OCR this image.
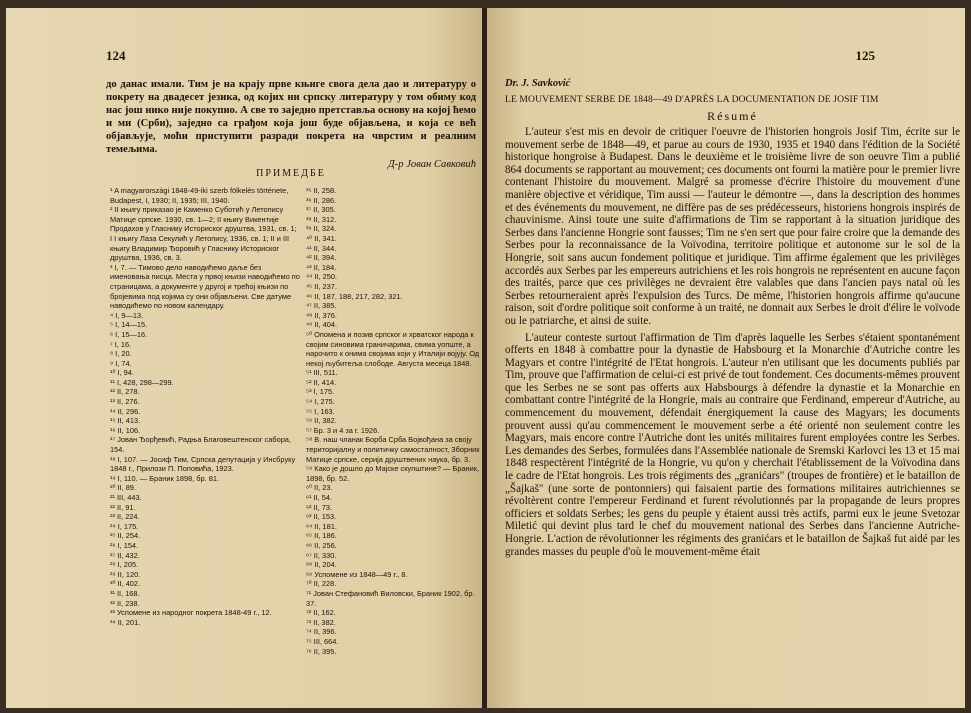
124
до данас имали. Тим је на крају прве књиге свога дела дао и литературу о покрету на двадесет језика, од којих ни српску литературу у том обиму код нас још нико није покупио. А све то заједно претставља основу на којој ћемо и ми (Срби), заједно са грађом која још буде објављена, и која се већ објављује, моћи приступити разради покрета на чврстим и реалним темељима.
Д-р Јован Савковић
ПРИМЕДБЕ
¹ A magyarországi 1848-49-iki szerb fölkelés története, Budapest, I, 1930; II, 1935; III, 1940.
² II књигу приказао је Каменко Суботић у Летопису Матице српске. 1930, св. 1—2; II књигу Викентије Продахов у Гласнику Историског друштва, 1931, св. 1; I I књигу Лаза Секулић у Летопису, 1936, св. 1; II и III књигу Владимир Ђоровић у Гласнику Историског друштва, 1936, св. 3.
³ I, 7. — Тимово дело наводићемо даље без именовања писца. Места у првој књизи наводићемо по страницама, а документе у другој и трећој књизи по бројевима под којима су они објављени. Све датуме наводићемо по новом календару.
⁴ I, 9—13.
⁵ I, 14—15.
⁶ I, 15—16.
⁷ I, 16.
⁸ I, 20.
⁹ I, 74.
¹⁰ I, 94.
¹¹ I, 428, 298—299.
¹² II, 278.
¹³ II, 276.
¹⁴ II, 296.
¹⁵ II, 413.
¹⁶ II, 106.
¹⁷ Јован Ђорђевић, Радња Благовештенског сабора, 154.
¹⁸ I, 107. — Јосиф Тим, Српска депутација у Инсбруку 1848 г., Прилози П. Поповића, 1923.
¹⁹ I, 110. — Браник 1898, бр. 81.
²⁰ II, 89.
²¹ III, 443.
²² II, 91.
²³ II, 224.
²⁴ I, 175.
²⁵ II, 254.
²⁶ I, 154.
²⁷ II, 432.
²⁸ I, 205.
²⁹ II, 120.
³⁰ II, 402.
³¹ II, 168.
³² II, 238.
³³ Успомене из народног покрета 1848-49 г., 12.
³⁴ II, 201.
³⁵ II, 258.
³⁶ II, 286.
³⁷ II, 305.
³⁸ II, 312.
³⁹ II, 324.
⁴⁰ II, 341.
⁴¹ II, 344.
⁴² II, 394.
⁴³ II, 184.
⁴⁴ II, 250.
⁴⁵ II, 237.
⁴⁶ II, 187, 188, 217, 282, 321.
⁴⁷ II, 385.
⁴⁸ II, 376.
⁴⁹ II, 404.
⁵⁰ Опомена и позив српског и хрватског народа к својим синовима граничарима, свима уопште, а нарочито к онима својима који у Италији војују. Од некој љубитеља слободе. Августа месеца 1848.
⁵¹ III, 511.
⁵² II, 414.
⁵³ I, 175.
⁵⁴ I, 275.
⁵⁵ I, 163.
⁵⁶ II, 382.
⁵⁷ Бр. 3 и 4 за г. 1926.
⁵⁸ В. наш чланак Борба Срба Војвођана за своју територијалну и политичку самосталност, Зборник Матице српске, серија друштвених наука, бр. 3.
⁵⁹ Како је дошло до Мајске скупштине? — Браник, 1898, бр. 52.
⁶⁰ II, 23.
⁶¹ II, 54.
⁶² II, 73.
⁶³ II, 153.
⁶⁴ II, 181.
⁶⁵ II, 186.
⁶⁶ II, 256.
⁶⁷ II, 330.
⁶⁸ II, 204.
⁶⁹ Успомене из 1848—49 г., 8.
⁷⁰ II, 228.
⁷¹ Јован Стефановић Виловски, Браник 1902, бр. 37.
⁷² II, 162.
⁷³ II, 382.
⁷⁴ II, 396.
⁷⁵ III, 664.
⁷⁶ II, 395.
125
Dr. J. Savković
LE MOUVEMENT SERBE DE 1848—49 D'APRÈS LA DOCUMENTATION DE JOSIF TIM
Résumé

L'auteur s'est mis en devoir de critiquer l'oeuvre de l'historien hongrois Josif Tim, écrite sur le mouvement serbe de 1848—49, et parue au cours de 1930, 1935 et 1940 dans l'édition de la Société historique hongroise à Budapest. Dans le deuxième et le troisième livre de son oeuvre Tim a publié 864 documents se rapportant au mouvement; ces documents ont fourni la matière pour le premier livre contenant l'histoire du mouvement. Malgré sa promesse d'écrire l'histoire du mouvement d'une manière objective et véridique, Tim aussi — l'auteur le démontre —, dans la description des hommes et des événements du mouvement, ne diffère pas de ses prédécesseurs, historiens hongrois inspirés de chauvinisme. Ainsi toute une suite d'affirmations de Tim se rapportant à la situation juridique des Serbes dans l'ancienne Hongrie sont fausses; Tim ne s'en sert que pour faire croire que la demande des Serbes pour la reconnaissance de la Voïvodina, territoire politique et autonome sur le sol de la Hongrie, soit sans aucun fondement politique et juridique. Tim affirme également que les privilèges accordés aux Serbes par les empereurs autrichiens et les rois hongrois ne représentent en aucune façon des traités, parce que ces privilèges ne devraient être valables que dans l'ancien pays natal où les Serbes retourneraient après l'expulsion des Turcs. De même, l'historien hongrois affirme qu'aucune raison, soit d'ordre politique soit conforme à un traité, ne donnait aux Serbes le droit d'élire le voïvode ou le patriarche, et ainsi de suite.

L'auteur conteste surtout l'affirmation de Tim d'après laquelle les Serbes s'étaient spontanément offerts en 1848 à combattre pour la dynastie de Habsbourg et la Monarchie d'Autriche contre les Magyars et contre l'intégrité de l'Etat hongrois. L'auteur n'en utilisant que les documents publiés par Tim, prouve que l'affirmation de celui-ci est privé de tout fondement. Ces documents-mêmes prouvent que les Serbes ne se sont pas offerts aux Habsbourgs à défendre la dynastie et la Monarchie en combattant contre l'intégrité de la Hongrie, mais au contraire que Ferdinand, empereur d'Autriche, au commencement du mouvement, défendait énergiquement la cause des Magyars; les documents prouvent aussi qu'au commencement le mouvement serbe a été orienté non seulement contre les Magyars, mais encore contre l'Autriche dont les unités militaires furent employées contre les Serbes. Les demandes des Serbes, formulées dans l'Assemblée nationale de Sremski Karlovci les 13 et 15 mai 1848 respectèrent l'intégrité de la Hongrie, vu qu'on y cherchait l'établissement de la Voïvodina dans le cadre de l'Etat hongrois. Les trois régiments des „granićars" (troupes de frontière) et le bataillon de „Šajkaš" (une sorte de pontonniers) qui faisaient partie des formations militaires autrichiennes se révoltèrent contre l'empereur Ferdinand et furent révolutionnés par la propagande de leurs propres officiers et soldats Serbes; les gens du peuple y étaient aussi très actifs, parmi eux le jeune Svetozar Miletić qui devint plus tard le chef du mouvement national des Serbes dans l'ancienne Autriche-Hongrie. L'action de révolutionner les régiments des granićars et le bataillon de Šajkaš fut aidé par les grandes masses du peuple d'où le mouvement-même était
